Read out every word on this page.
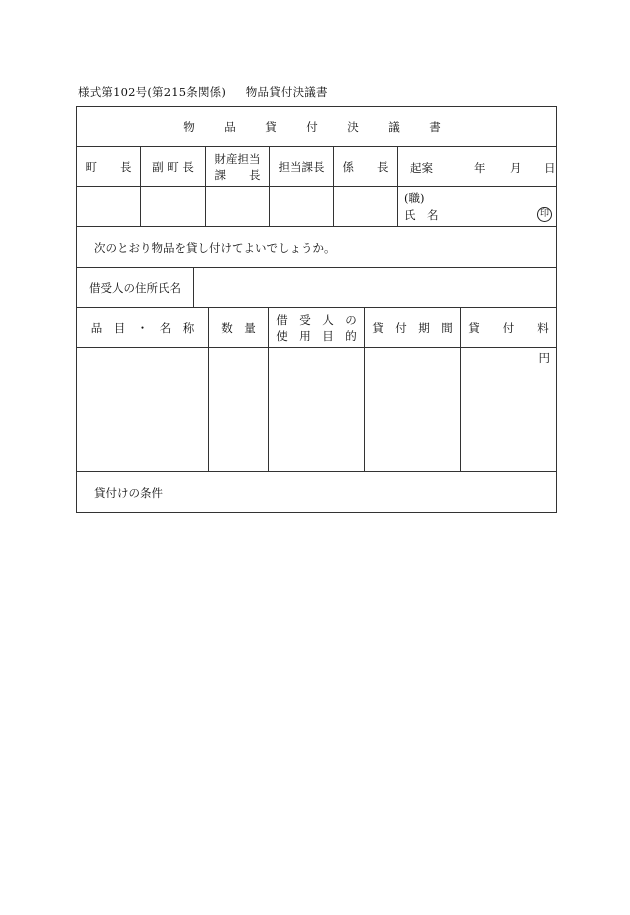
様式第102号(第215条関係) 物品貸付決議書
物　品　貸　付　決　議　書
町　　長 副 町 長
財産担当
課　　長
担当課長 係　　長 起案	年 月 日
(職)
氏　名	印
次のとおり物品を貸し付けてよいでしょうか。
借受人の住所氏名
品　目　・　名　称 数　量
借　受　人　の
使　用　目　的
貸　付　期　間 貸　　付　　料
円
貸付けの条件
